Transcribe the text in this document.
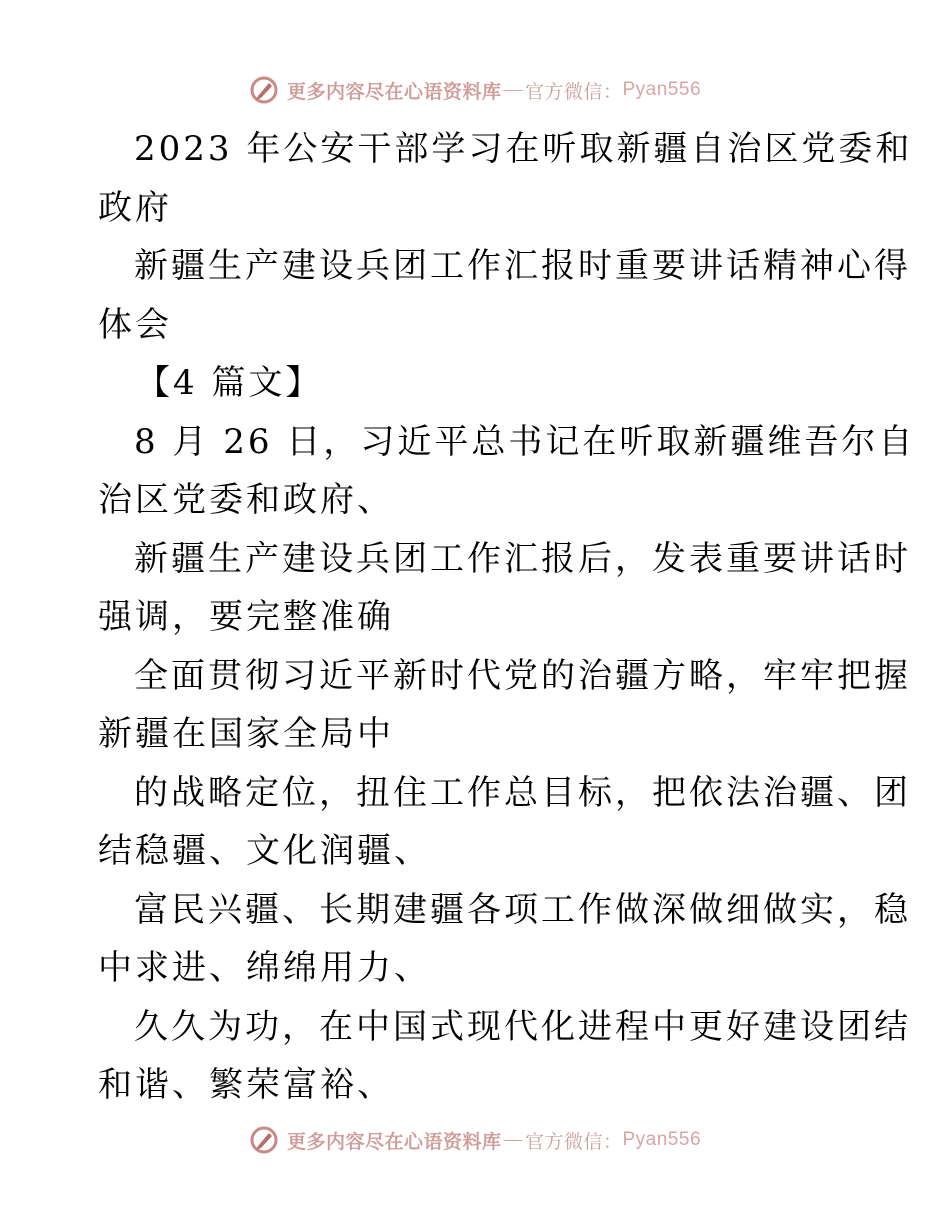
更多内容尽在心语资料库 — 官方微信： Pyan556
2023 年公安干部学习在听取新疆自治区党委和
政府
新疆生产建设兵团工作汇报时重要讲话精神心得
体会
【4 篇文】
8 月 26 日，习近平总书记在听取新疆维吾尔自
治区党委和政府、
新疆生产建设兵团工作汇报后，发表重要讲话时
强调，要完整准确
全面贯彻习近平新时代党的治疆方略，牢牢把握
新疆在国家全局中
的战略定位，扭住工作总目标，把依法治疆、团
结稳疆、文化润疆、
富民兴疆、长期建疆各项工作做深做细做实，稳
中求进、绵绵用力、
久久为功，在中国式现代化进程中更好建设团结
和谐、繁荣富裕、
更多内容尽在心语资料库 — 官方微信： Pyan556
